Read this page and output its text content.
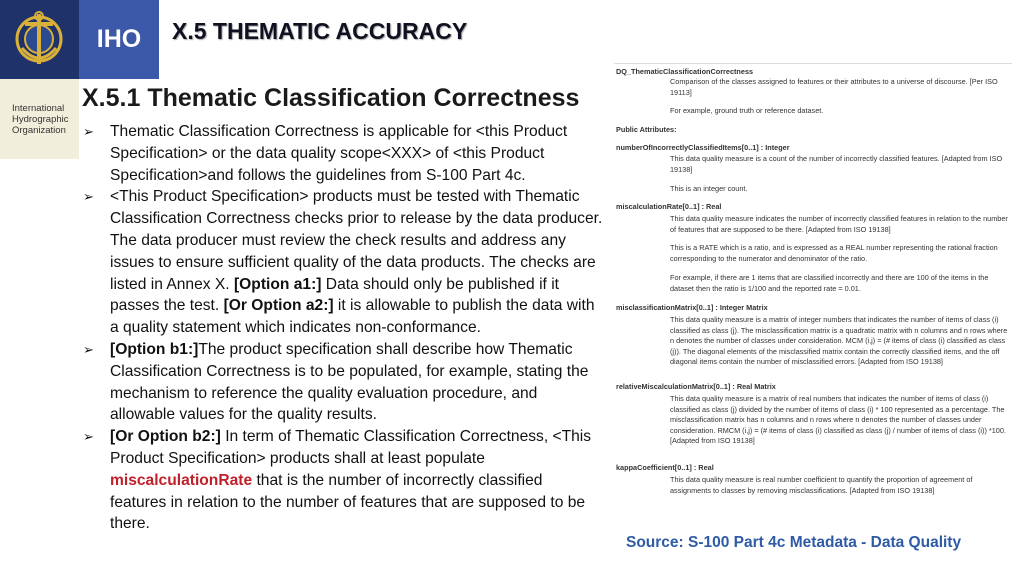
IHO
International
Hydrographic
Organization
X.5 THEMATIC ACCURACY
X.5.1 Thematic Classification Correctness
➢ Thematic Classification Correctness is applicable for <this Product Specification> or the data quality scope<XXX> of <this Product Specification>and follows the guidelines from S-100 Part 4c.
➢ <This Product Specification> products must be tested with Thematic Classification Correctness checks prior to release by the data producer. The data producer must review the check results and address any issues to ensure sufficient quality of the data products. The checks are listed in Annex X. [Option a1:] Data should only be published if it passes the test. [Or Option a2:] it is allowable to publish the data with a quality statement which indicates non-conformance.
➢ [Option b1:]The product specification shall describe how Thematic Classification Correctness is to be populated, for example, stating the mechanism to reference the quality evaluation procedure, and allowable values for the quality results.
➢ [Or Option b2:] In term of Thematic Classification Correctness, <This Product Specification> products shall at least populate miscalculationRate that is the number of incorrectly classified features in relation to the number of features that are supposed to be there.
DQ_ThematicClassificationCorrectness
Comparison of the classes assigned to features or their attributes to a universe of discourse. [Per ISO 19113]
For example, ground truth or reference dataset.
Public Attributes:
numberOfIncorrectlyClassifiedItems[0..1] : Integer
This data quality measure is a count of the number of incorrectly classified features. [Adapted from ISO 19138]
This is an integer count.
miscalculationRate[0..1] : Real
This data quality measure indicates the number of incorrectly classified features in relation to the number of features that are supposed to be there. [Adapted from ISO 19138]
This is a RATE which is a ratio, and is expressed as a REAL number representing the rational fraction corresponding to the numerator and denominator of the ratio.
For example, if there are 1 items that are classified incorrectly and there are 100 of the items in the dataset then the ratio is 1/100 and the reported rate = 0.01.
misclassificationMatrix[0..1] : Integer Matrix
This data quality measure is a matrix of integer numbers that indicates the number of items of class (i) classified as class (j). The misclassification matrix is a quadratic matrix with n columns and n rows where n denotes the number of classes under consideration. MCM (i,j) = (# items of class (i) classified as class (j)). The diagonal elements of the misclassified matrix contain the correctly classified items, and the off diagonal items contain the number of misclassified errors. [Adapted from ISO 19138]
relativeMiscalculationMatrix[0..1] : Real Matrix
This data quality measure is a matrix of real numbers that indicates the number of items of class (i) classified as class (j) divided by the number of items of class (i) * 100 represented as a percentage. The misclassification matrix has n columns and n rows where n denotes the number of classes under consideration. RMCM (i,j) = (# items of class (i) classified as class (j) / number of items of class (i)) *100. [Adapted from ISO 19138]
kappaCoefficient[0..1] : Real
This data quality measure is real number coefficient to quantify the proportion of agreement of assignments to classes by removing misclassifications. [Adapted from ISO 19138]
Source: S-100 Part 4c Metadata - Data Quality
